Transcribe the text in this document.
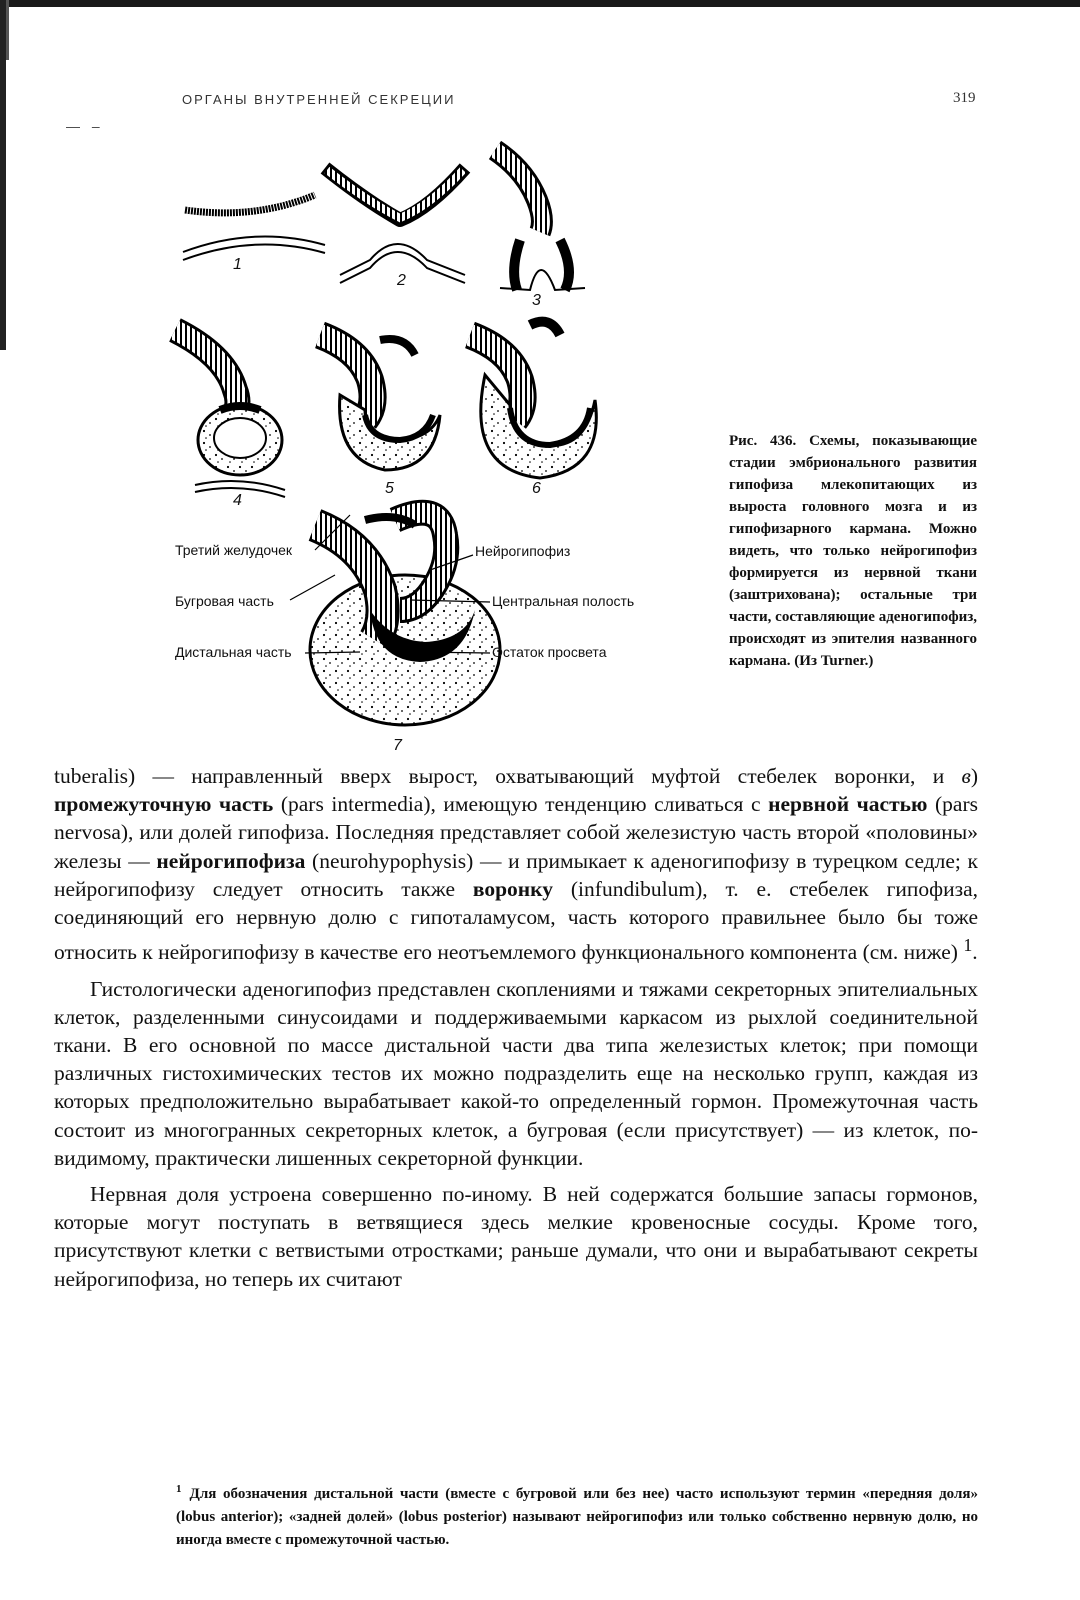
— –
ОРГАНЫ ВНУТРЕННЕЙ СЕКРЕЦИИ	319
1
2
3
4
5	6
7
Третий желудочек
Бугровая часть
Дистальная часть
Нейрогипофиз
Центральная полость
Остаток просвета
Рис. 436. Схемы, показывающие стадии эмбрионального развития гипофиза млекопитающих из выроста головного мозга и из гипофизарного кармана. Можно видеть, что только нейрогипофиз формируется из нервной ткани (заштрихована); остальные три части, составляющие аденогипофиз, происходят из эпителия названного кармана. (Из Turner.)

tuberalis) — направленный вверх вырост, охватывающий муфтой стебелек воронки, и в) промежуточную часть (pars intermedia), имеющую тенденцию сливаться с нервной частью (pars nervosa), или долей гипофиза. Последняя представляет собой железистую часть второй «половины» железы — нейрогипофиза (neurohypophysis) — и примыкает к аденогипофизу в турецком седле; к нейрогипофизу следует относить также воронку (infundibulum), т. е. стебелек гипофиза, соединяющий его нервную долю с гипоталамусом, часть которого правильнее было бы тоже относить к нейрогипофизу в качестве его неотъемлемого функционального компонента (см. ниже) $^1$.

Гистологически аденогипофиз представлен скоплениями и тяжами секреторных эпителиальных клеток, разделенными синусоидами и поддерживаемыми каркасом из рыхлой соединительной ткани. В его основной по массе дистальной части два типа железистых клеток; при помощи различных гистохимических тестов их можно подразделить еще на несколько групп, каждая из которых предположительно вырабатывает какой-то определенный гормон. Промежуточная часть состоит из многогранных секреторных клеток, а бугровая (если присутствует) — из клеток, по-видимому, практически лишенных секреторной функции.

Нервная доля устроена совершенно по-иному. В ней содержатся большие запасы гормонов, которые могут поступать в ветвящиеся здесь мелкие кровеносные сосуды. Кроме того, присутствуют клетки с ветвистыми отростками; раньше думали, что они и вырабатывают секреты нейрогипофиза, но теперь их считают

$^1$ Для обозначения дистальной части (вместе с бугровой или без нее) часто используют термин «передняя доля» (lobus anterior); «задней долей» (lobus posterior) называют нейрогипофиз или только собственно нервную долю, но иногда вместе с промежуточной частью.
